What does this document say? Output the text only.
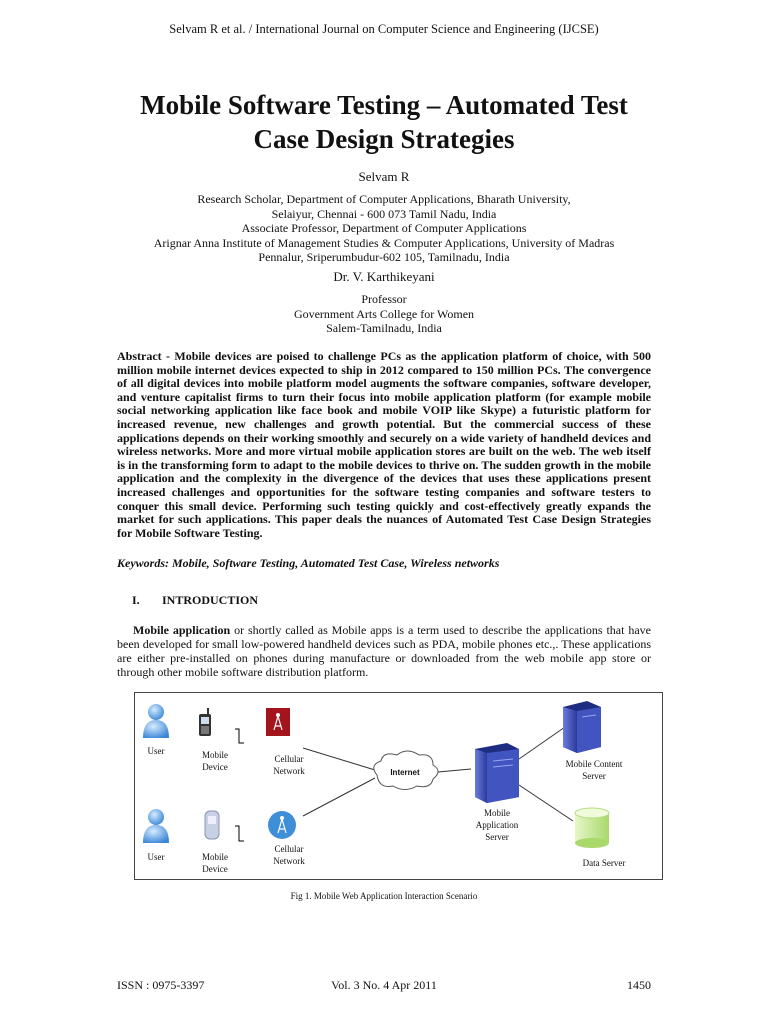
Selvam R et al. / International Journal on Computer Science and Engineering (IJCSE)
Mobile Software Testing – Automated Test
Case Design Strategies
Selvam R
Research Scholar, Department of Computer Applications, Bharath University,
Selaiyur, Chennai - 600 073 Tamil Nadu, India
Associate Professor, Department of Computer Applications
Arignar Anna Institute of Management Studies & Computer Applications, University of Madras
Pennalur, Sriperumbudur-602 105, Tamilnadu, India
Dr. V. Karthikeyani
Professor
Government Arts College for Women
Salem-Tamilnadu, India
Abstract - Mobile devices are poised to challenge PCs as the application platform of choice, with 500 million mobile internet devices expected to ship in 2012 compared to 150 million PCs. The convergence of all digital devices into mobile platform model augments the software companies, software developer, and venture capitalist firms to turn their focus into mobile application platform (for example mobile social networking application like face book and mobile VOIP like Skype) a futuristic platform for increased revenue, new challenges and growth potential. But the commercial success of these applications depends on their working smoothly and securely on a wide variety of handheld devices and wireless networks. More and more virtual mobile application stores are built on the web. The web itself is in the transforming form to adapt to the mobile devices to thrive on. The sudden growth in the mobile application and the complexity in the divergence of the devices that uses these applications present increased challenges and opportunities for the software testing companies and software testers to conquer this small device. Performing such testing quickly and cost-effectively greatly expands the market for such applications. This paper deals the nuances of Automated Test Case Design Strategies for Mobile Software Testing.
Keywords: Mobile, Software Testing, Automated Test Case, Wireless networks
I. INTRODUCTION
Mobile application or shortly called as Mobile apps is a term used to describe the applications that have been developed for small low-powered handheld devices such as PDA, mobile phones etc.,. These applications are either pre-installed on phones during manufacture or downloaded from the web mobile app store or through other mobile software distribution platform.
User	Mobile
Device
Cellular
Network	Internet
Mobile
Application
Server
Mobile Content
Server
Data Server
User	Mobile
Device
Cellular
Network
Fig 1. Mobile Web Application Interaction Scenario
ISSN : 0975-3397	Vol. 3 No. 4 Apr 2011	1450
